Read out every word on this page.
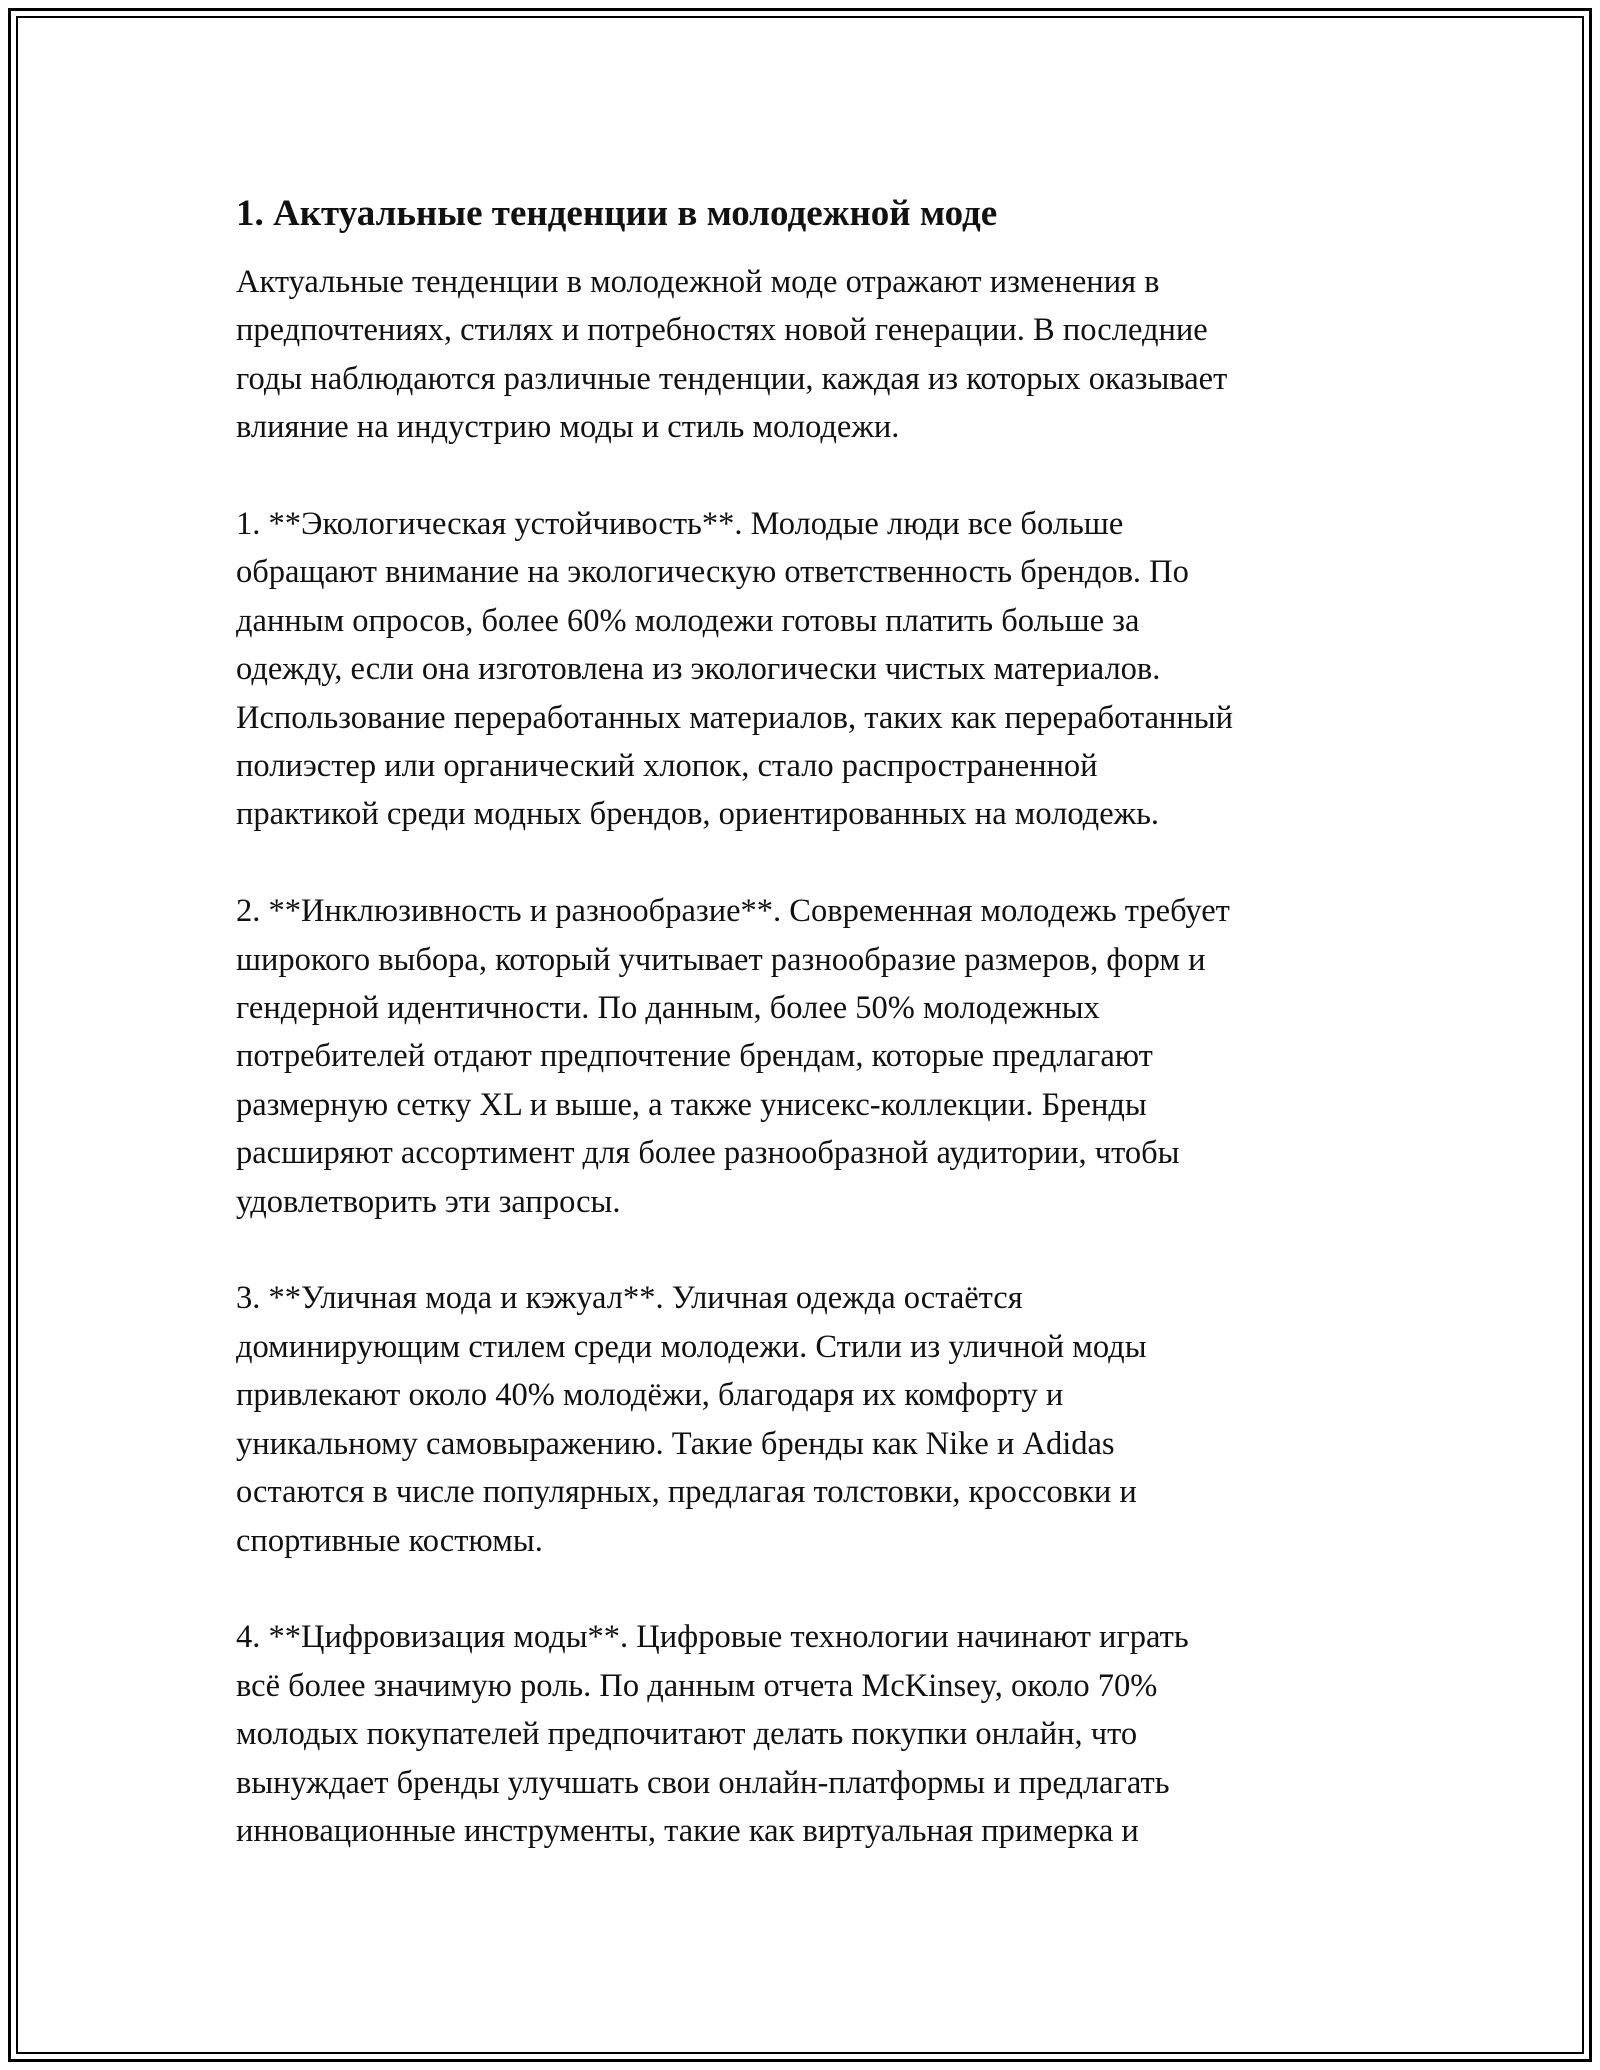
1. Актуальные тенденции в молодежной моде
Актуальные тенденции в молодежной моде отражают изменения в
предпочтениях, стилях и потребностях новой генерации. В последние
годы наблюдаются различные тенденции, каждая из которых оказывает
влияние на индустрию моды и стиль молодежи.
1. **Экологическая устойчивость**. Молодые люди все больше
обращают внимание на экологическую ответственность брендов. По
данным опросов, более 60% молодежи готовы платить больше за
одежду, если она изготовлена из экологически чистых материалов.
Использование переработанных материалов, таких как переработанный
полиэстер или органический хлопок, стало распространенной
практикой среди модных брендов, ориентированных на молодежь.
2. **Инклюзивность и разнообразие**. Современная молодежь требует
широкого выбора, который учитывает разнообразие размеров, форм и
гендерной идентичности. По данным, более 50% молодежных
потребителей отдают предпочтение брендам, которые предлагают
размерную сетку XL и выше, а также унисекс-коллекции. Бренды
расширяют ассортимент для более разнообразной аудитории, чтобы
удовлетворить эти запросы.
3. **Уличная мода и кэжуал**. Уличная одежда остаётся
доминирующим стилем среди молодежи. Стили из уличной моды
привлекают около 40% молодёжи, благодаря их комфорту и
уникальному самовыражению. Такие бренды как Nike и Adidas
остаются в числе популярных, предлагая толстовки, кроссовки и
спортивные костюмы.
4. **Цифровизация моды**. Цифровые технологии начинают играть
всё более значимую роль. По данным отчета McKinsey, около 70%
молодых покупателей предпочитают делать покупки онлайн, что
вынуждает бренды улучшать свои онлайн-платформы и предлагать
инновационные инструменты, такие как виртуальная примерка и
